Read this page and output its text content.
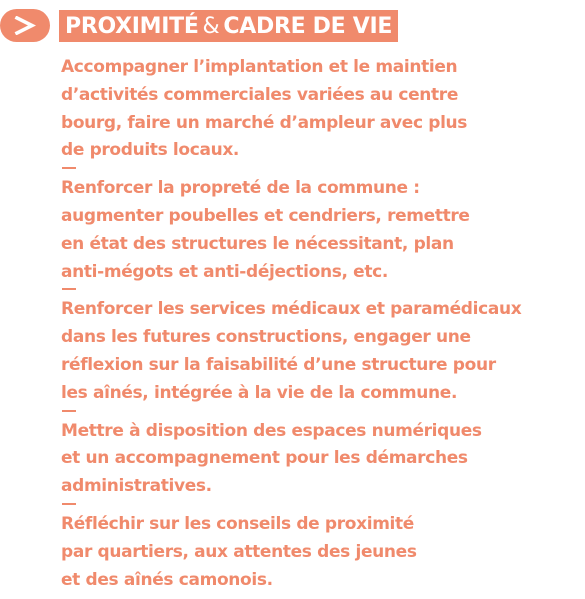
PROXIMITÉ & CADRE DE VIE
Accompagner l’implantation et le maintien
d’activités commerciales variées au centre
bourg, faire un marché d’ampleur avec plus
de produits locaux.
Renforcer la propreté de la commune :
augmenter poubelles et cendriers, remettre
en état des structures le nécessitant, plan
anti-mégots et anti-déjections, etc.
Renforcer les services médicaux et paramédicaux
dans les futures constructions, engager une
réflexion sur la faisabilité d’une structure pour
les aînés, intégrée à la vie de la commune.
Mettre à disposition des espaces numériques
et un accompagnement pour les démarches
administratives.
Réfléchir sur les conseils de proximité
par quartiers, aux attentes des jeunes
et des aînés camonois.
